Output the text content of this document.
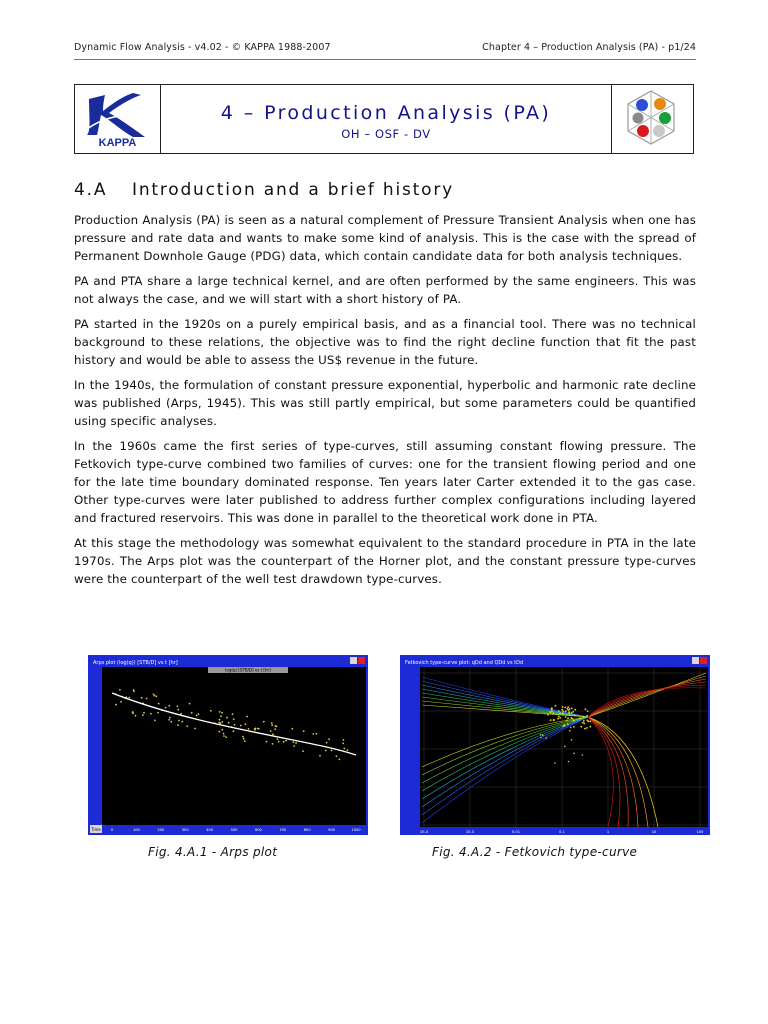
Dynamic Flow Analysis - v4.02 - © KAPPA 1988-2007	Chapter 4 – Production Analysis (PA) - p1/24
KAPPA
4 – Production Analysis (PA)
OH – OSF - DV
4.A Introduction and a brief history

Production Analysis (PA) is seen as a natural complement of Pressure Transient Analysis when one has pressure and rate data and wants to make some kind of analysis. This is the case with the spread of Permanent Downhole Gauge (PDG) data, which contain candidate data for both analysis techniques.

PA and PTA share a large technical kernel, and are often performed by the same engineers. This was not always the case, and we will start with a short history of PA.

PA started in the 1920s on a purely empirical basis, and as a financial tool. There was no technical background to these relations, the objective was to find the right decline function that fit the past history and would be able to assess the US$ revenue in the future.

In the 1940s, the formulation of constant pressure exponential, hyperbolic and harmonic rate decline was published (Arps, 1945). This was still partly empirical, but some parameters could be quantified using specific analyses.

In the 1960s came the first series of type-curves, still assuming constant flowing pressure. The Fetkovich type-curve combined two families of curves: one for the transient flowing period and one for the late time boundary dominated response. Ten years later Carter extended it to the gas case. Other type-curves were later published to address further complex configurations including layered and fractured reservoirs. This was done in parallel to the theoretical work done in PTA.

At this stage the methodology was somewhat equivalent to the standard procedure in PTA in the late 1970s. The Arps plot was the counterpart of the Horner plot, and the constant pressure type-curves were the counterpart of the well test drawdown type-curves.

Arps plot (log(q)) [STB/D] vs t [hr]
log(q) [STB/D] vs t [hr]
Time	0	100	200	300	400	500	600	700	800	900	1000
Fig. 4.A.1 - Arps plot
Fetkovich type-curve plot: qDd and QDd vs tDd
1E-4	1E-3	0.01	0.1	1	10	100
Fig. 4.A.2 - Fetkovich type-curve
